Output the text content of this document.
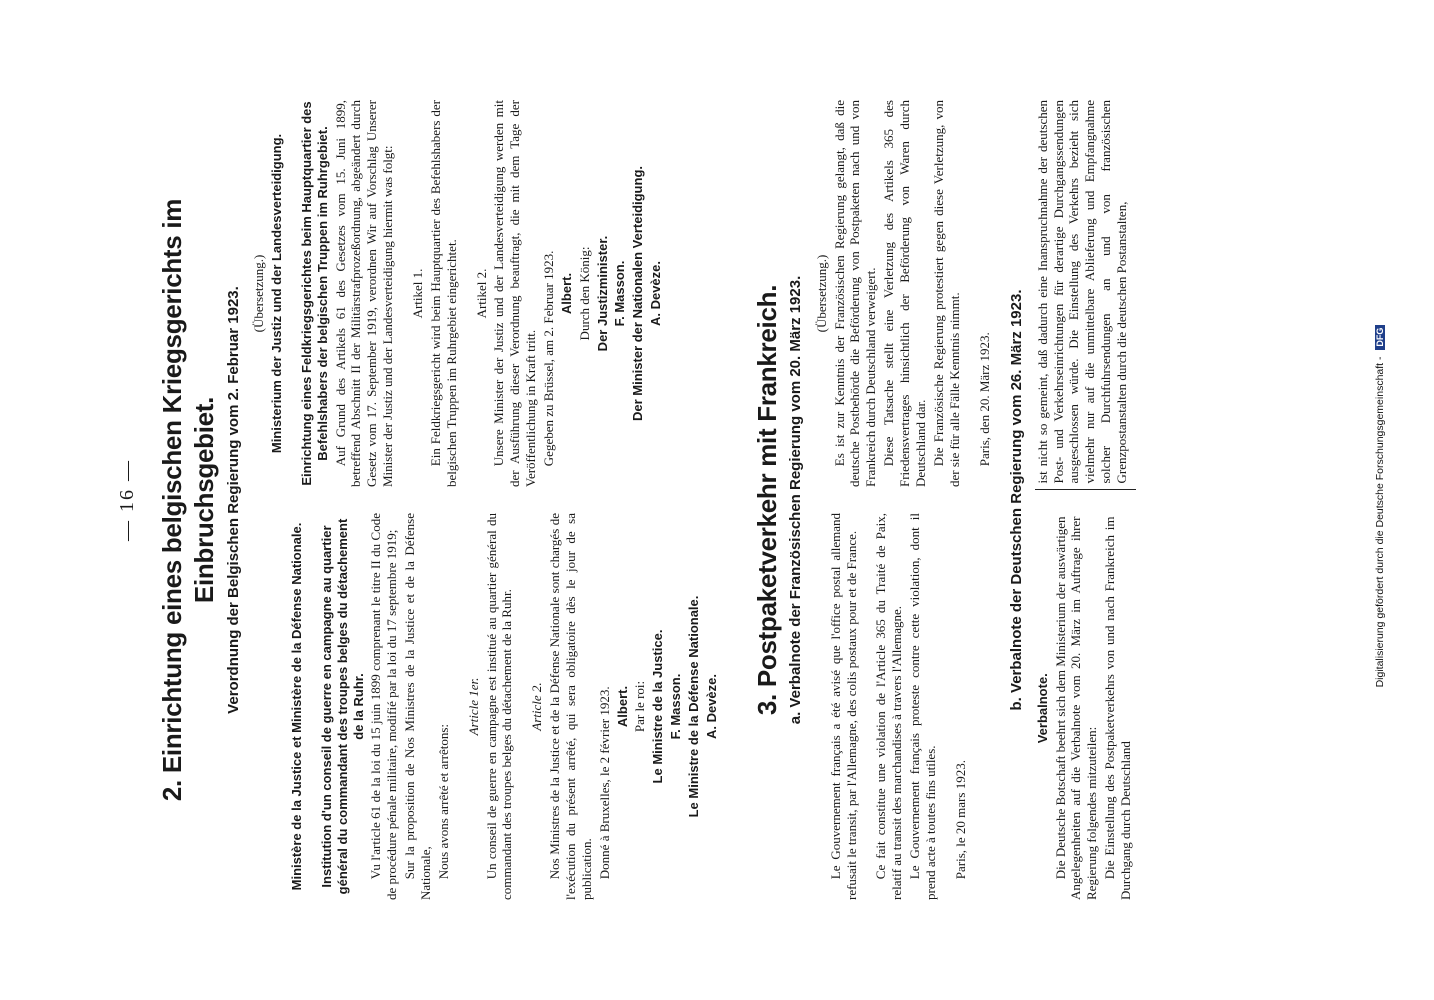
— 16 — 2. Einrichtung eines belgischen Kriegsgerichts im Einbruchsgebiet. Verordnung der Belgischen Regierung vom 2. Februar 1923.

	Ministère de la Justice et Ministère de la Défense Nationale. Institution d'un conseil de guerre en campagne au quartier général du commandant des troupes belges du détachement de la Ruhr. Vu l'article 61 de la loi du 15 juin 1899 comprenant le titre II du Code de procédure pénale militaire, modifié par la loi du 17 septembre 1919; Sur la proposition de Nos Ministres de la Justice et de la Défense Nationale, Nous avons arrêté et arrêtons:

Article 1er. Un conseil de guerre en campagne est institué au quartier général du commandant des troupes belges du détachement de la Ruhr. Article 2. Nos Ministres de la Justice et de la Défense Nationale sont chargés de l'exécution du présent arrêté, qui sera obligatoire dès le jour de sa publication. Donné à Bruxelles, le 2 février 1923. Albert. Par le roi: Le Ministre de la Justice. F. Masson. Le Ministre de la Défense Nationale. A. Devèze.

(Übersetzung.) Ministerium der Justiz und der Landesverteidigung. Einrichtung eines Feldkriegsgerichtes beim Hauptquartier des Befehlshabers der belgischen Truppen im Ruhrgebiet. Auf Grund des Artikels 61 des Gesetzes vom 15. Juni 1899, betreffend Abschnitt II der Militärstrafprozeßordnung, abgeändert durch Gesetz vom 17. September 1919, verordnen Wir auf Vorschlag Unserer Minister der Justiz und der Landesverteidigung hiermit was folgt: Artikel 1. Ein Feldkriegsgericht wird beim Hauptquartier des Befehlshabers der belgischen Truppen im Ruhrgebiet eingerichtet. Artikel 2. Unsere Minister der Justiz und der Landesverteidigung werden mit der Ausführung dieser Verordnung beauftragt, die mit dem Tage der Veröffentlichung in Kraft tritt. Gegeben zu Brüssel, am 2. Februar 1923. Albert. Durch den König: Der Justizminister. F. Masson. Der Minister der Nationalen Verteidigung. A. Devèze.	3. Postpaketverkehr mit Frankreich. a. Verbalnote der Französischen Regierung vom 20. März 1923. Le Gouvernement français a été avisé que l'office postal allemand refusait le transit, par l'Allemagne, des colis postaux pour et de France. Ce fait constitue une violation de l'Article 365 du Traité de Paix, relatif au transit des marchandises à travers l'Allemagne. Le Gouvernement français proteste contre cette violation, dont il prend acte à toutes fins utiles. Paris, le 20 mars 1923.

(Übersetzung.) Es ist zur Kenntnis der Französischen Regierung gelangt, daß die deutsche Postbehörde die Beförderung von Postpaketen nach und von Frankreich durch Deutschland verweigert. Diese Tatsache stellt eine Verletzung des Artikels 365 des Friedensvertrages hinsichtlich der Beförderung von Waren durch Deutschland dar. Die Französische Regierung protestiert gegen diese Verletzung, von der sie für alle Fälle Kenntnis nimmt. Paris, den 20. März 1923. b. Verbalnote der Deutschen Regierung vom 26. März 1923. Verbalnote. Die Deutsche Botschaft beehrt sich dem Ministerium der auswärtigen Angelegenheiten auf die Verbalnote vom 20. März im Auftrage ihrer Regierung folgendes mitzuteilen: Die Einstellung des Postpaketverkehrs von und nach Frankreich im Durchgang durch Deutschland

ist nicht so gemeint, daß dadurch eine Inanspruchnahme der deutschen Post- und Verkehrseinrichtungen für derartige Durchgangssendungen ausgeschlossen würde. Die Einstellung des Verkehrs bezieht sich vielmehr nur auf die unmittelbare Ablieferung und Empfangnahme solcher Durchfuhrsendungen an und von französischen Grenzpostanstalten durch die deutschen Postanstalten,

Digitalisierung gefördert durch die Deutsche Forschungsgemeinschaft - DFG
